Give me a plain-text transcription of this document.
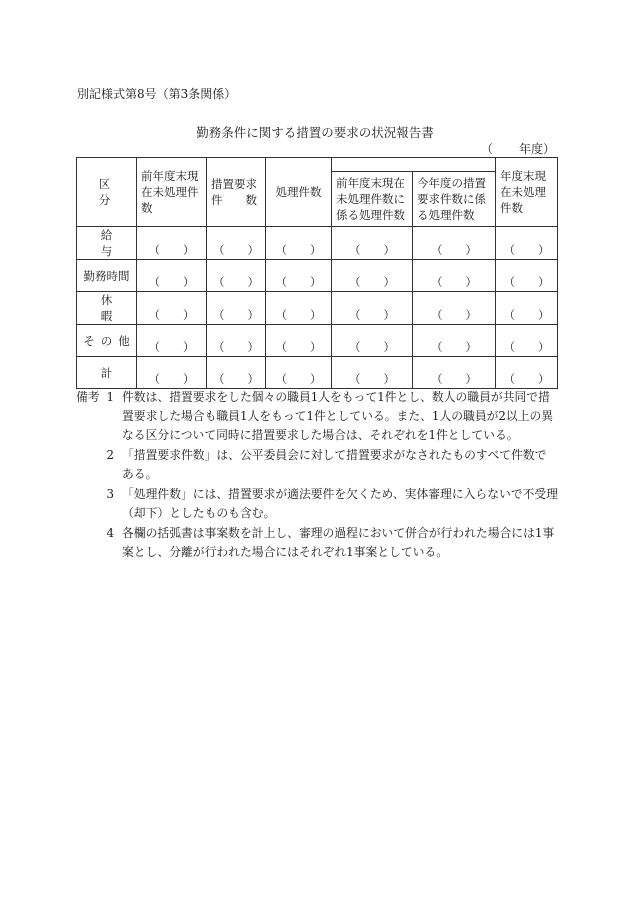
別記様式第8号（第3条関係）
勤務条件に関する措置の要求の状況報告書
（ 年度）
区　分	前年度末現在未処理件数	措置要求件　　数	処理件数			年度末現在未処理件数
				前年度末現在未処理件数に係る処理件数	今年度の措置要求件数に係る処理件数	
給与	（　　）	（　　）	（　　）	（　　）	（　　）	（　　）
勤務時間	（　　）	（　　）	（　　）	（　　）	（　　）	（　　）
休暇	（　　）	（　　）	（　　）	（　　）	（　　）	（　　）
その他	（　　）	（　　）	（　　）	（　　）	（　　）	（　　）
計	（　　）	（　　）	（　　）	（　　）	（　　）	（　　）
備考 1 件数は、措置要求をした個々の職員1人をもって1件とし、数人の職員が共同で措置要求した場合も職員1人をもって1件としている。また、1人の職員が2以上の異なる区分について同時に措置要求した場合は、それぞれを1件としている。
2 「措置要求件数」は、公平委員会に対して措置要求がなされたものすべて件数である。
3 「処理件数」には、措置要求が適法要件を欠くため、実体審理に入らないで不受理（却下）としたものも含む。
4 各欄の括弧書は事案数を計上し、審理の過程において併合が行われた場合には1事案とし、分離が行われた場合にはそれぞれ1事案としている。
